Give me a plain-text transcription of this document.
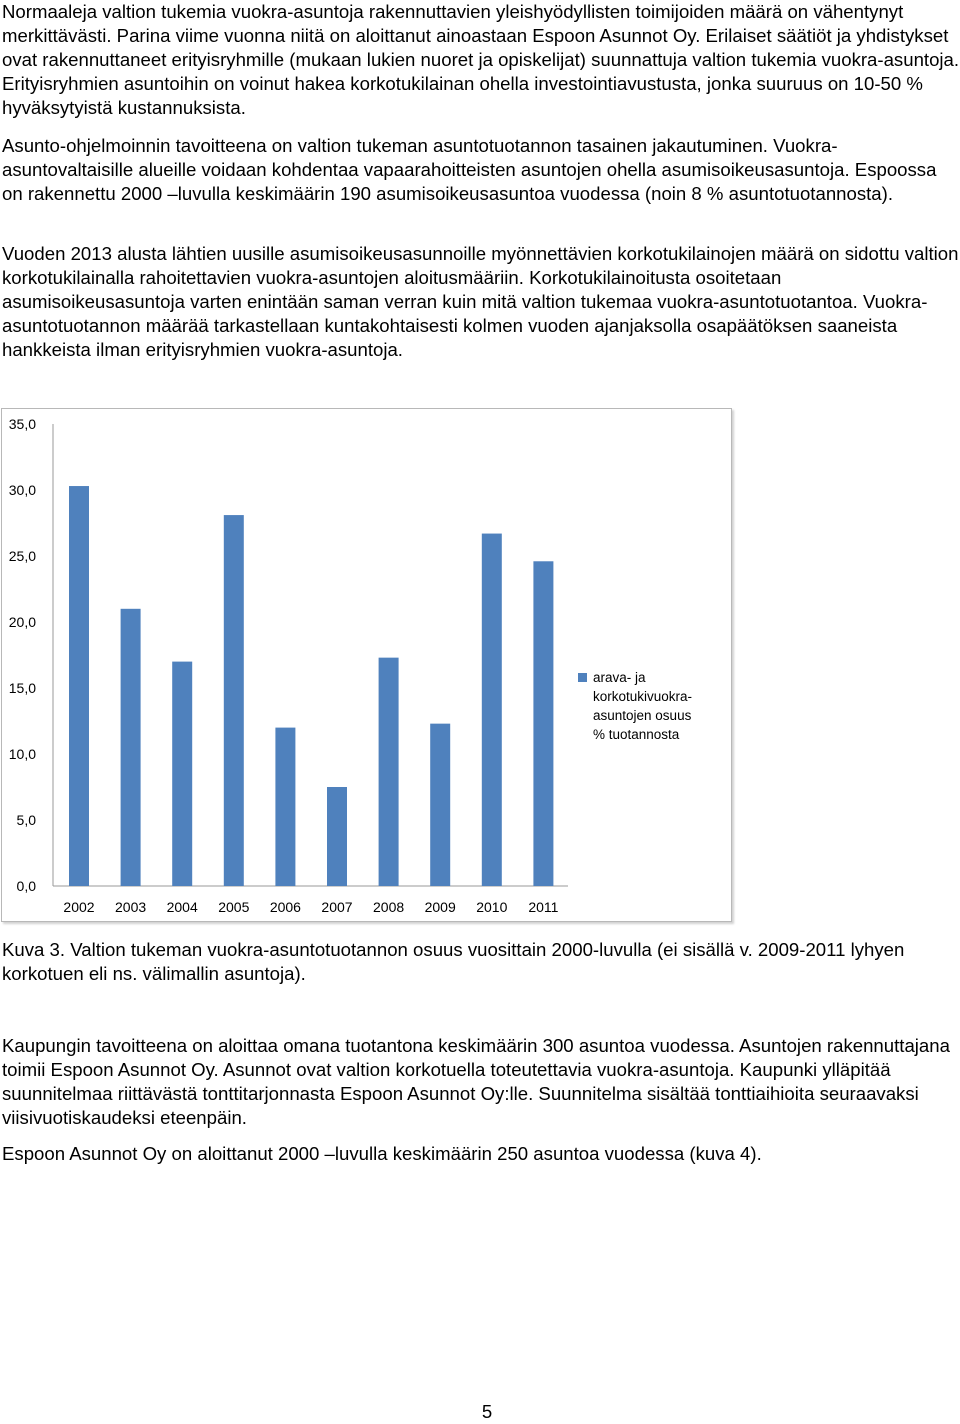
Normaaleja valtion tukemia vuokra-asuntoja rakennuttavien yleishyödyllisten toimijoiden määrä on vähentynyt merkittävästi. Parina viime vuonna niitä on aloittanut ainoastaan Espoon Asunnot Oy. Erilaiset säätiöt ja yhdistykset ovat rakennuttaneet erityisryhmille (mukaan lukien nuoret ja opiskelijat) suunnattuja valtion tukemia vuokra-asuntoja. Erityisryhmien asuntoihin on voinut hakea korkotukilainan ohella investointiavustusta, jonka suuruus on 10-50 % hyväksytyistä kustannuksista.

Asunto-ohjelmoinnin tavoitteena on valtion tukeman asuntotuotannon tasainen jakautuminen. Vuokra-asuntovaltaisille alueille voidaan kohdentaa vapaarahoitteisten asuntojen ohella asumisoikeusasuntoja. Espoossa on rakennettu 2000 –luvulla keskimäärin 190 asumisoikeusasuntoa vuodessa (noin 8 % asuntotuotannosta).

Vuoden 2013 alusta lähtien uusille asumisoikeusasunnoille myönnettävien korkotukilainojen määrä on sidottu valtion korkotukilainalla rahoitettavien vuokra-asuntojen aloitusmääriin. Korkotukilainoitusta osoitetaan asumisoikeusasuntoja varten enintään saman verran kuin mitä valtion tukemaa vuokra-asuntotuotantoa. Vuokra-asuntotuotannon määrää tarkastellaan kuntakohtaisesti kolmen vuoden ajanjaksolla osapäätöksen saaneista hankkeista ilman erityisryhmien vuokra-asuntoja.

0,0
5,0
10,0
15,0
20,0
25,0
30,0
35,0
2002 2003 2004 2005 2006 2007 2008 2009 2010 2011
arava- ja
korkotukivuokra-
asuntojen osuus
% tuotannosta

Kuva 3. Valtion tukeman vuokra-asuntotuotannon osuus vuosittain 2000-luvulla (ei sisällä v. 2009-2011 lyhyen korkotuen eli ns. välimallin asuntoja).

Kaupungin tavoitteena on aloittaa omana tuotantona keskimäärin 300 asuntoa vuodessa. Asuntojen rakennuttajana toimii Espoon Asunnot Oy. Asunnot ovat valtion korkotuella toteutettavia vuokra-asuntoja. Kaupunki ylläpitää suunnitelmaa riittävästä tonttitarjonnasta Espoon Asunnot Oy:lle. Suunnitelma sisältää tonttiaihioita seuraavaksi viisivuotiskaudeksi eteenpäin.

Espoon Asunnot Oy on aloittanut 2000 –luvulla keskimäärin 250 asuntoa vuodessa (kuva 4).

5
